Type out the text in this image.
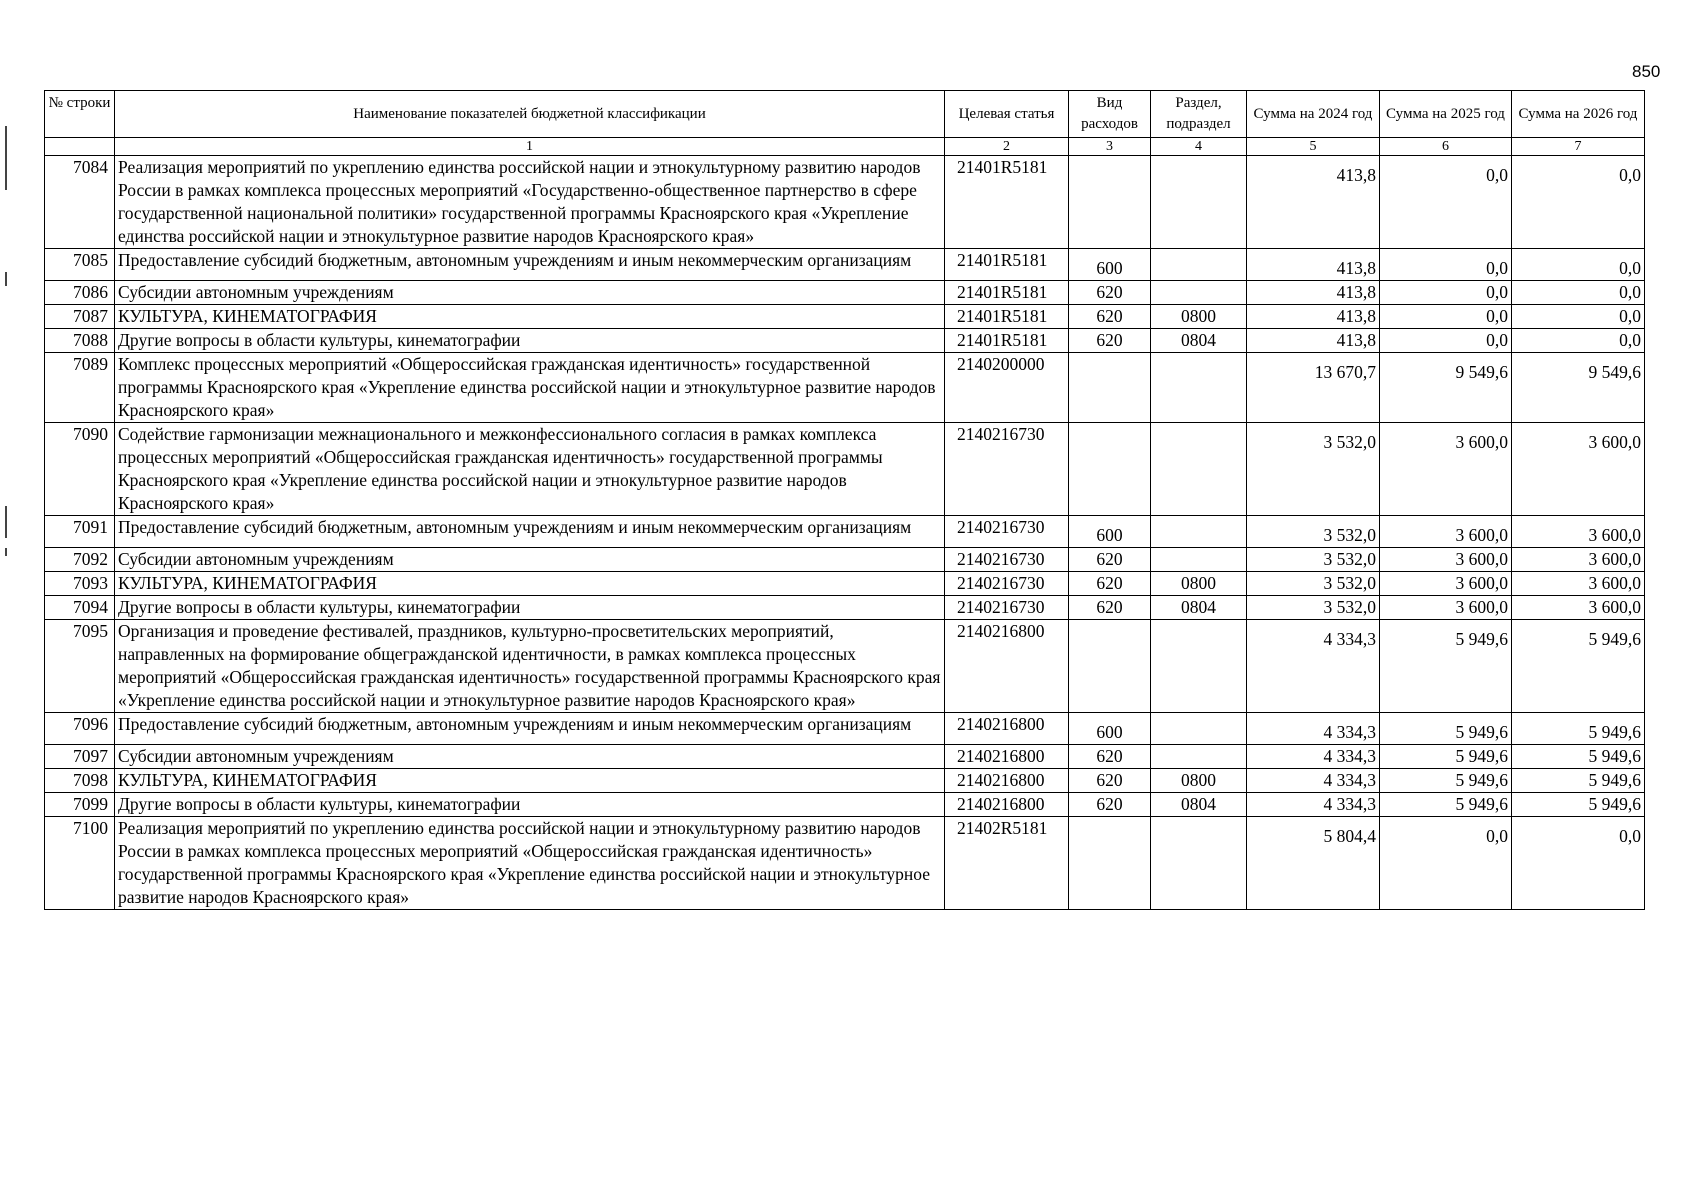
850
№ строки	Наименование показателей бюджетной классификации	Целевая статья	Вид расходов	Раздел, подраздел	Сумма на 2024 год	Сумма на 2025 год	Сумма на 2026 год
	1	2	3	4	5	6	7
7084	Реализация мероприятий по укреплению единства российской нации и этнокультурному развитию народов России в рамках комплекса процессных мероприятий «Государственно-общественное партнерство в сфере государственной национальной политики» государственной программы Красноярского края «Укрепление единства российской нации и этнокультурное развитие народов Красноярского края»	21401R5181			413,8	0,0	0,0
7085	Предоставление субсидий бюджетным, автономным учреждениям и иным некоммерческим организациям	21401R5181	600		413,8	0,0	0,0
7086	Субсидии автономным учреждениям	21401R5181	620		413,8	0,0	0,0
7087	КУЛЬТУРА, КИНЕМАТОГРАФИЯ	21401R5181	620	0800	413,8	0,0	0,0
7088	Другие вопросы в области культуры, кинематографии	21401R5181	620	0804	413,8	0,0	0,0
7089	Комплекс процессных мероприятий «Общероссийская гражданская идентичность» государственной программы Красноярского края «Укрепление единства российской нации и этнокультурное развитие народов Красноярского края»	2140200000			13 670,7	9 549,6	9 549,6
7090	Содействие гармонизации межнационального и межконфессионального согласия в рамках комплекса процессных мероприятий «Общероссийская гражданская идентичность» государственной программы Красноярского края «Укрепление единства российской нации и этнокультурное развитие народов Красноярского края»	2140216730			3 532,0	3 600,0	3 600,0
7091	Предоставление субсидий бюджетным, автономным учреждениям и иным некоммерческим организациям	2140216730	600		3 532,0	3 600,0	3 600,0
7092	Субсидии автономным учреждениям	2140216730	620		3 532,0	3 600,0	3 600,0
7093	КУЛЬТУРА, КИНЕМАТОГРАФИЯ	2140216730	620	0800	3 532,0	3 600,0	3 600,0
7094	Другие вопросы в области культуры, кинематографии	2140216730	620	0804	3 532,0	3 600,0	3 600,0
7095	Организация и проведение фестивалей, праздников, культурно-просветительских мероприятий, направленных на формирование общегражданской идентичности, в рамках комплекса процессных мероприятий «Общероссийская гражданская идентичность» государственной программы Красноярского края «Укрепление единства российской нации и этнокультурное развитие народов Красноярского края»	2140216800			4 334,3	5 949,6	5 949,6
7096	Предоставление субсидий бюджетным, автономным учреждениям и иным некоммерческим организациям	2140216800	600		4 334,3	5 949,6	5 949,6
7097	Субсидии автономным учреждениям	2140216800	620		4 334,3	5 949,6	5 949,6
7098	КУЛЬТУРА, КИНЕМАТОГРАФИЯ	2140216800	620	0800	4 334,3	5 949,6	5 949,6
7099	Другие вопросы в области культуры, кинематографии	2140216800	620	0804	4 334,3	5 949,6	5 949,6
7100	Реализация мероприятий по укреплению единства российской нации и этнокультурному развитию народов России в рамках комплекса процессных мероприятий «Общероссийская гражданская идентичность» государственной программы Красноярского края «Укрепление единства российской нации и этнокультурное развитие народов Красноярского края»	21402R5181			5 804,4	0,0	0,0
